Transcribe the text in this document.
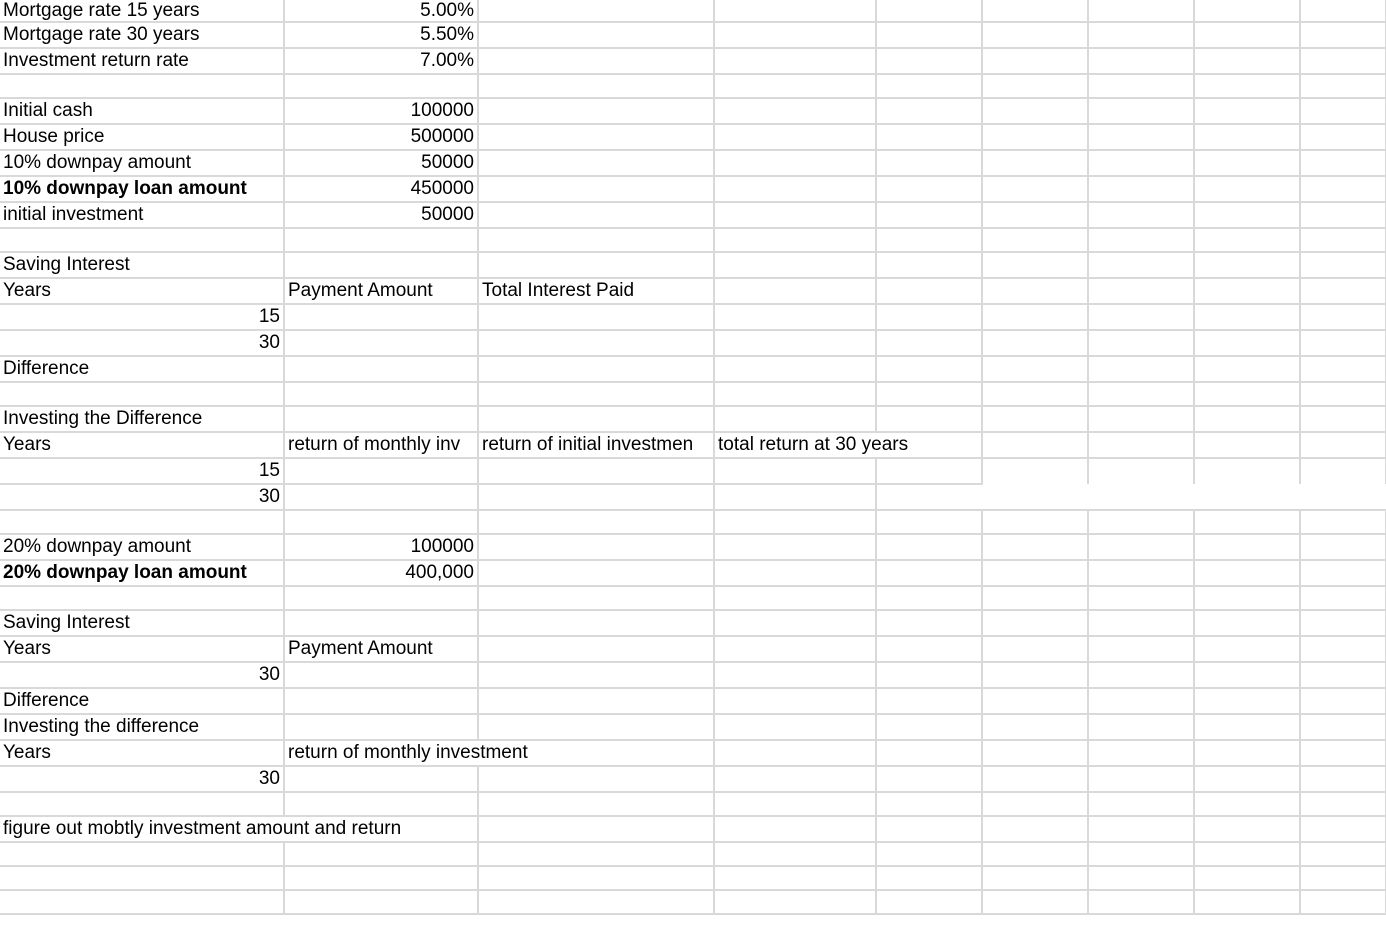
Mortgage rate 15 years	5.00%							
Mortgage rate 30 years	5.50%							
Investment return rate	7.00%							

Initial cash	100000							
House price	500000							
10% downpay amount	50000							
10% downpay loan amount	450000							
initial investment	50000							

Saving Interest								
Years	Payment Amount	Total Interest Paid						
15								
30								
Difference								

Investing the Difference								
Years	return of monthly inv	return of initial investmen	total return at 30 years					
15								
30								

20% downpay amount	100000							
20% downpay loan amount	400,000							

Saving Interest								
Years	Payment Amount							
30								
Difference								
Investing the difference								
Years	return of monthly investment							
30								

figure out mobtly investment amount and return								
